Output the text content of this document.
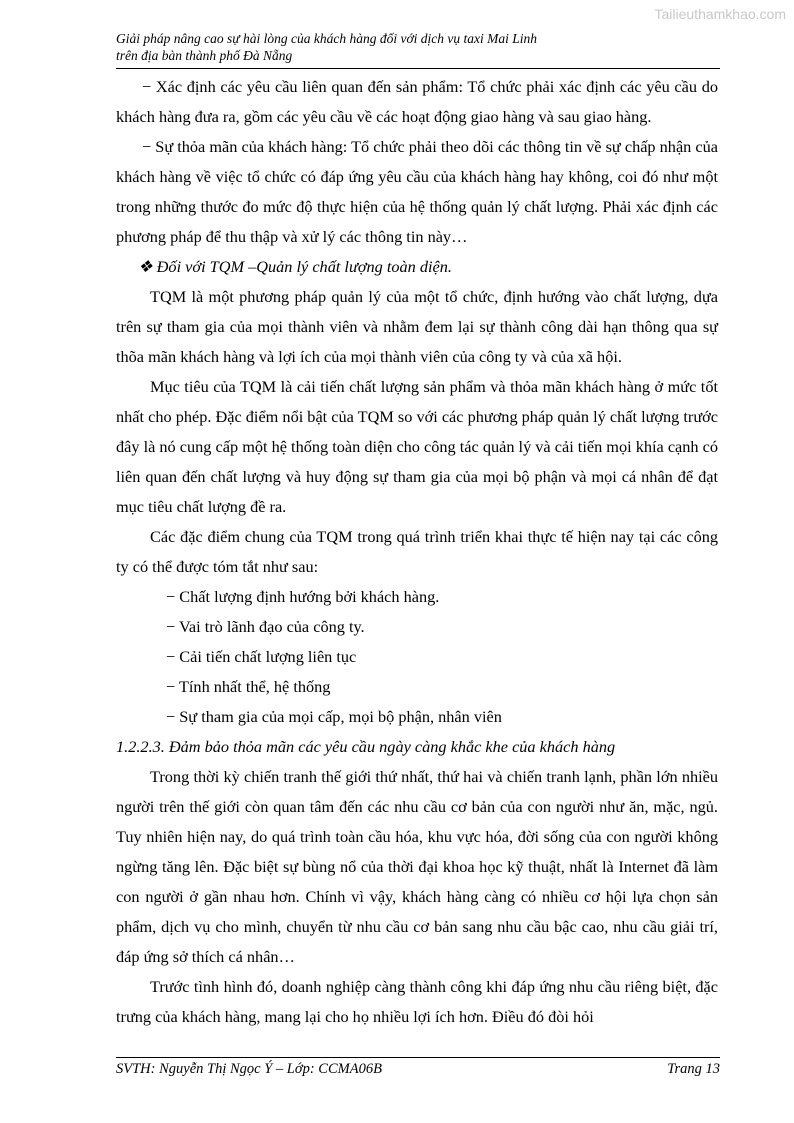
Tailieuthamkhao.com
Giải pháp nâng cao sự hài lòng của khách hàng đối với dịch vụ taxi Mai Linh
trên địa bàn thành phố Đà Nẵng

− Xác định các yêu cầu liên quan đến sản phẩm: Tổ chức phải xác định các yêu cầu do khách hàng đưa ra, gồm các yêu cầu về các hoạt động giao hàng và sau giao hàng.

− Sự thỏa mãn của khách hàng: Tổ chức phải theo dõi các thông tin về sự chấp nhận của khách hàng về việc tổ chức có đáp ứng yêu cầu của khách hàng hay không, coi đó như một trong những thước đo mức độ thực hiện của hệ thống quản lý chất lượng. Phải xác định các phương pháp để thu thập và xử lý các thông tin này…

❖ Đối với TQM –Quản lý chất lượng toàn diện.

TQM là một phương pháp quản lý của một tổ chức, định hướng vào chất lượng, dựa trên sự tham gia của mọi thành viên và nhằm đem lại sự thành công dài hạn thông qua sự thõa mãn khách hàng và lợi ích của mọi thành viên của công ty và của xã hội.

Mục tiêu của TQM là cải tiến chất lượng sản phẩm và thỏa mãn khách hàng ở mức tốt nhất cho phép. Đặc điểm nổi bật của TQM so với các phương pháp quản lý chất lượng trước đây là nó cung cấp một hệ thống toàn diện cho công tác quản lý và cải tiến mọi khía cạnh có liên quan đến chất lượng và huy động sự tham gia của mọi bộ phận và mọi cá nhân để đạt mục tiêu chất lượng đề ra.

Các đặc điểm chung của TQM trong quá trình triển khai thực tế hiện nay tại các công ty có thể được tóm tắt như sau:

− Chất lượng định hướng bởi khách hàng.

− Vai trò lãnh đạo của công ty.

− Cải tiến chất lượng liên tục

− Tính nhất thể, hệ thống

− Sự tham gia của mọi cấp, mọi bộ phận, nhân viên

1.2.2.3. Đảm bảo thỏa mãn các yêu cầu ngày càng khắc khe của khách hàng

Trong thời kỳ chiến tranh thế giới thứ nhất, thứ hai và chiến tranh lạnh, phần lớn nhiều người trên thế giới còn quan tâm đến các nhu cầu cơ bản của con người như ăn, mặc, ngủ. Tuy nhiên hiện nay, do quá trình toàn cầu hóa, khu vực hóa, đời sống của con người không ngừng tăng lên. Đặc biệt sự bùng nổ của thời đại khoa học kỹ thuật, nhất là Internet đã làm con người ở gần nhau hơn. Chính vì vậy, khách hàng càng có nhiều cơ hội lựa chọn sản phẩm, dịch vụ cho mình, chuyển từ nhu cầu cơ bản sang nhu cầu bậc cao, nhu cầu giải trí, đáp ứng sở thích cá nhân…

Trước tình hình đó, doanh nghiệp càng thành công khi đáp ứng nhu cầu riêng biệt, đặc trưng của khách hàng, mang lại cho họ nhiều lợi ích hơn. Điều đó đòi hỏi

SVTH: Nguyễn Thị Ngọc Ý – Lớp: CCMA06B	Trang 13
